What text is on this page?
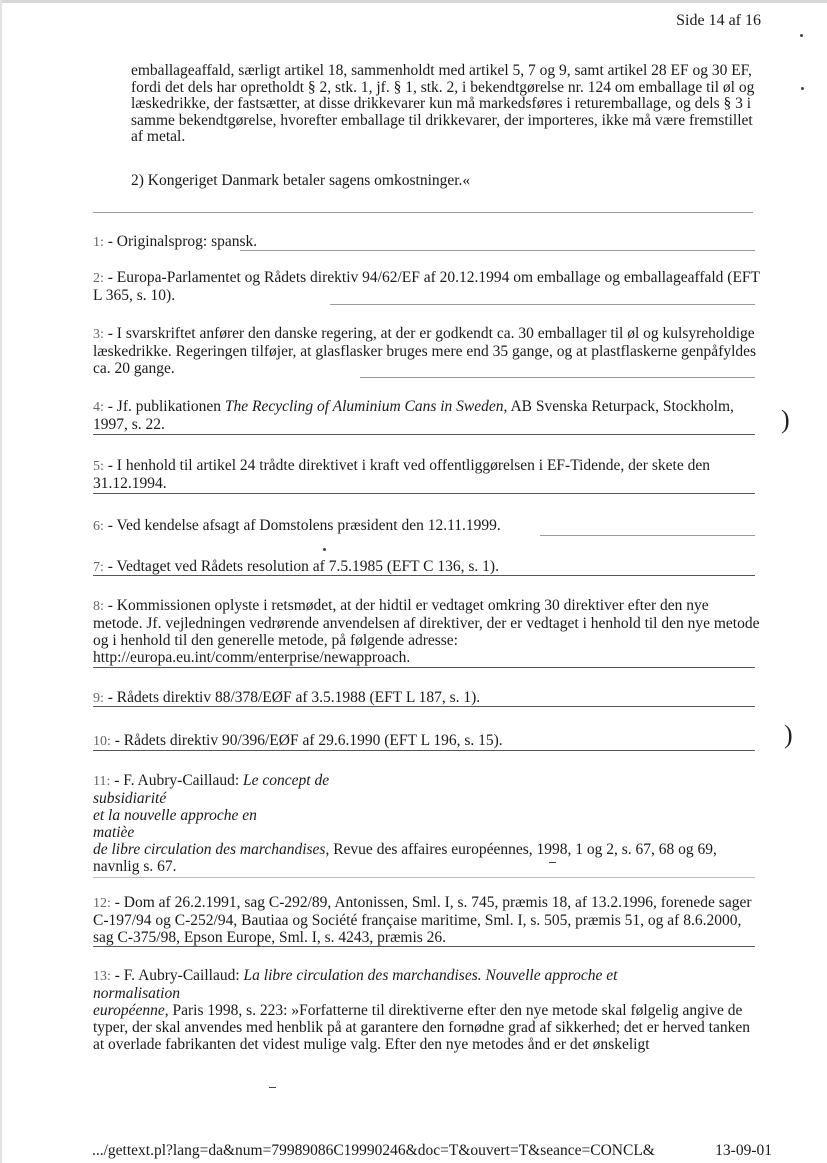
Side 14 af 16
emballageaffald, særligt artikel 18, sammenholdt med artikel 5, 7 og 9, samt artikel 28 EF og 30 EF, fordi det dels har opretholdt § 2, stk. 1, jf. § 1, stk. 2, i bekendtgørelse nr. 124 om emballage til øl og læskedrikke, der fastsætter, at disse drikkevarer kun må markedsføres i returemballage, og dels § 3 i samme bekendtgørelse, hvorefter emballage til drikkevarer, der importeres, ikke må være fremstillet af metal.
2) Kongeriget Danmark betaler sagens omkostninger.«
1: - Originalsprog: spansk.
2: - Europa-Parlamentet og Rådets direktiv 94/62/EF af 20.12.1994 om emballage og emballageaffald (EFT L 365, s. 10).
3: - I svarskriftet anfører den danske regering, at der er godkendt ca. 30 emballager til øl og kulsyreholdige læskedrikke. Regeringen tilføjer, at glasflasker bruges mere end 35 gange, og at plastflaskerne genpåfyldes ca. 20 gange.
4: - Jf. publikationen The Recycling of Aluminium Cans in Sweden, AB Svenska Returpack, Stockholm, 1997, s. 22.
5: - I henhold til artikel 24 trådte direktivet i kraft ved offentliggørelsen i EF-Tidende, der skete den 31.12.1994.
6: - Ved kendelse afsagt af Domstolens præsident den 12.11.1999.
7: - Vedtaget ved Rådets resolution af 7.5.1985 (EFT C 136, s. 1).
8: - Kommissionen oplyste i retsmødet, at der hidtil er vedtaget omkring 30 direktiver efter den nye metode. Jf. vejledningen vedrørende anvendelsen af direktiver, der er vedtaget i henhold til den nye metode og i henhold til den generelle metode, på følgende adresse: http://europa.eu.int/comm/enterprise/newapproach.
9: - Rådets direktiv 88/378/EØF af 3.5.1988 (EFT L 187, s. 1).
10: - Rådets direktiv 90/396/EØF af 29.6.1990 (EFT L 196, s. 15).
11: - F. Aubry-Caillaud: Le concept de
subsidiarité
et la nouvelle approche en
matiѐe
de libre circulation des marchandises, Revue des affaires européennes, 1998, 1 og 2, s. 67, 68 og 69, navnlig s. 67.
12: - Dom af 26.2.1991, sag C-292/89, Antonissen, Sml. I, s. 745, præmis 18, af 13.2.1996, forenede sager C-197/94 og C-252/94, Bautiaa og Société française maritime, Sml. I, s. 505, præmis 51, og af 8.6.2000, sag C-375/98, Epson Europe, Sml. I, s. 4243, præmis 26.
13: - F. Aubry-Caillaud: La libre circulation des marchandises. Nouvelle approche et
normalisation
européenne, Paris 1998, s. 223: »Forfatterne til direktiverne efter den nye metode skal følgelig angive de typer, der skal anvendes med henblik på at garantere den fornødne grad af sikkerhed; det er herved tanken at overlade fabrikanten det videst mulige valg. Efter den nye metodes ånd er det ønskeligt
)
)
.../gettext.pl?lang=da&num=79989086C19990246&doc=T&ouvert=T&seance=CONCL&	13-09-01
